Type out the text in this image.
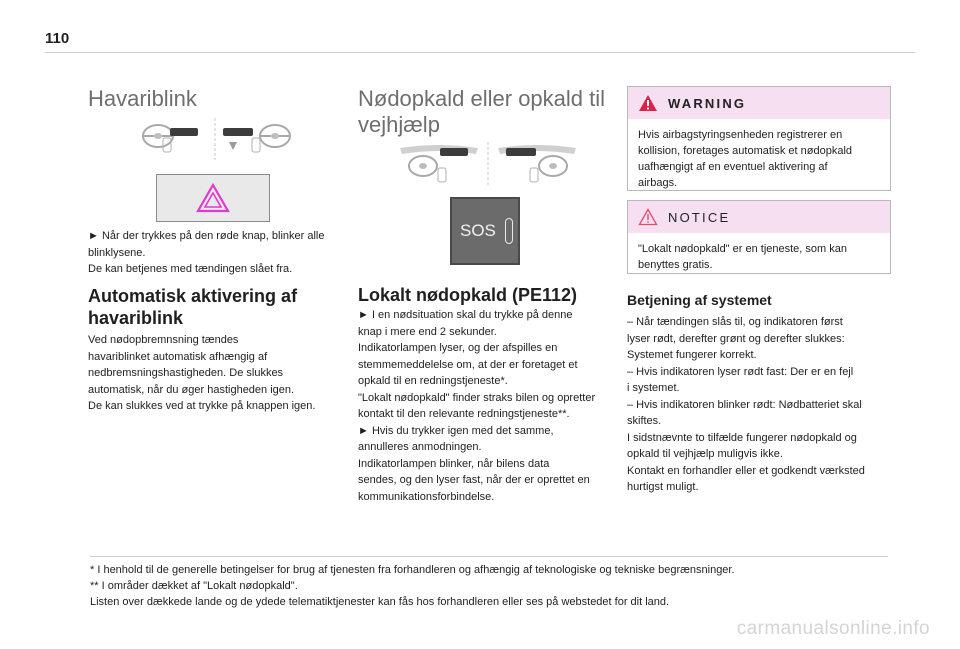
110
Havariblink
► Når der trykkes på den røde knap, blinker alle
blinklysene.
De kan betjenes med tændingen slået fra.
Automatisk aktivering af
havariblink
Ved nødopbremnsning tændes
havariblinket automatisk afhængig af
nedbremsningshastigheden. De slukkes
automatisk, når du øger hastigheden igen.
De kan slukkes ved at trykke på knappen igen.
Nødopkald eller opkald til
vejhjælp
SOS
Lokalt nødopkald (PE112)
► I en nødsituation skal du trykke på denne
knap i mere end 2 sekunder.
Indikatorlampen lyser, og der afspilles en
stemmemeddelelse om, at der er foretaget et
opkald til en redningstjeneste*.
"Lokalt nødopkald" finder straks bilen og opretter
kontakt til den relevante redningstjeneste**.
► Hvis du trykker igen med det samme,
annulleres anmodningen.
Indikatorlampen blinker, når bilens data
sendes, og den lyser fast, når der er oprettet en
kommunikationsforbindelse.
WARNING
Hvis airbagstyringsenheden registrerer en
kollision, foretages automatisk et nødopkald
uafhængigt af en eventuel aktivering af
airbags.
NOTICE
"Lokalt nødopkald" er en tjeneste, som kan
benyttes gratis.
Betjening af systemet
– Når tændingen slås til, og indikatoren først
lyser rødt, derefter grønt og derefter slukkes:
Systemet fungerer korrekt.
– Hvis indikatoren lyser rødt fast: Der er en fejl
i systemet.
– Hvis indikatoren blinker rødt: Nødbatteriet skal
skiftes.
I sidstnævnte to tilfælde fungerer nødopkald og
opkald til vejhjælp muligvis ikke.
Kontakt en forhandler eller et godkendt værksted
hurtigst muligt.
* I henhold til de generelle betingelser for brug af tjenesten fra forhandleren og afhængig af teknologiske og tekniske begrænsninger.
** I områder dækket af "Lokalt nødopkald".
Listen over dækkede lande og de ydede telematiktjenester kan fås hos forhandleren eller ses på webstedet for dit land.
carmanualsonline.info
